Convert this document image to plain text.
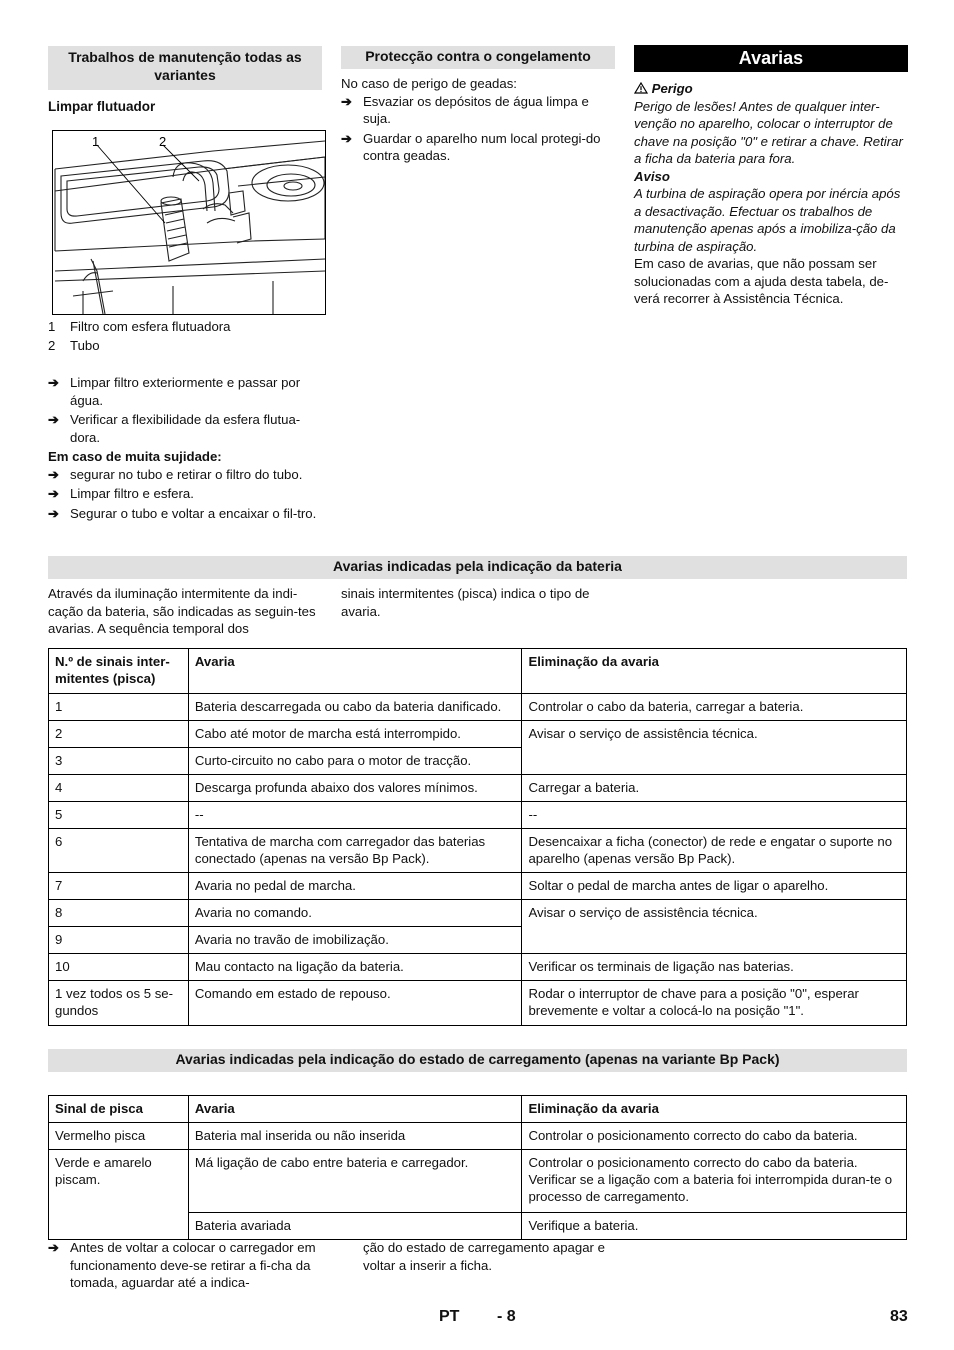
Trabalhos de manutenção todas as variantes
Limpar flutuador
1	2
1 Filtro com esfera flutuadora
2 Tubo
➔ Limpar filtro exteriormente e passar por água.
➔ Verificar a flexibilidade da esfera flutua-dora.
Em caso de muita sujidade:
➔ segurar no tubo e retirar o filtro do tubo.
➔ Limpar filtro e esfera.
➔ Segurar o tubo e voltar a encaixar o fil-tro.
Protecção contra o congelamento
No caso de perigo de geadas:
➔ Esvaziar os depósitos de água limpa e suja.
➔ Guardar o aparelho num local protegi-do contra geadas.
Avarias
Perigo
Perigo de lesões! Antes de qualquer inter-venção no aparelho, colocar o interruptor de chave na posição "0" e retirar a chave. Retirar a ficha da bateria para fora.
Aviso
A turbina de aspiração opera por inércia após a desactivação. Efectuar os trabalhos de manutenção apenas após a imobiliza-ção da turbina de aspiração.
Em caso de avarias, que não possam ser solucionadas com a ajuda desta tabela, de-verá recorrer à Assistência Técnica.
Avarias indicadas pela indicação da bateria
Através da iluminação intermitente da indi-cação da bateria, são indicadas as seguin-tes avarias. A sequência temporal dos
sinais intermitentes (pisca) indica o tipo de avaria.
N.º de sinais inter-mitentes (pisca)	Avaria	Eliminação da avaria
1	Bateria descarregada ou cabo da bateria danificado.	Controlar o cabo da bateria, carregar a bateria.
2	Cabo até motor de marcha está interrompido.	Avisar o serviço de assistência técnica.
3	Curto-circuito no cabo para o motor de tracção.	
4	Descarga profunda abaixo dos valores mínimos.	Carregar a bateria.
5	--	--
6	Tentativa de marcha com carregador das baterias conectado (apenas na versão Bp Pack).	Desencaixar a ficha (conector) de rede e engatar o suporte no aparelho (apenas versão Bp Pack).
7	Avaria no pedal de marcha.	Soltar o pedal de marcha antes de ligar o aparelho.
8	Avaria no comando.	Avisar o serviço de assistência técnica.
9	Avaria no travão de imobilização.	
10	Mau contacto na ligação da bateria.	Verificar os terminais de ligação nas baterias.
1 vez todos os 5 se-gundos	Comando em estado de repouso.	Rodar o interruptor de chave para a posição "0", esperar brevemente e voltar a colocá-lo na posição "1".
Avarias indicadas pela indicação do estado de carregamento (apenas na variante Bp Pack)
Sinal de pisca	Avaria	Eliminação da avaria
Vermelho pisca	Bateria mal inserida ou não inserida	Controlar o posicionamento correcto do cabo da bateria.
Verde e amarelo piscam.	Má ligação de cabo entre bateria e carregador.	Controlar o posicionamento correcto do cabo da bateria. Verificar se a ligação com a bateria foi interrompida duran-te o processo de carregamento.
	Bateria avariada	Verifique a bateria.
➔ Antes de voltar a colocar o carregador em funcionamento deve-se retirar a fi-cha da tomada, aguardar até a indica-
ção do estado de carregamento apagar e voltar a inserir a ficha.
PT - 8	83
